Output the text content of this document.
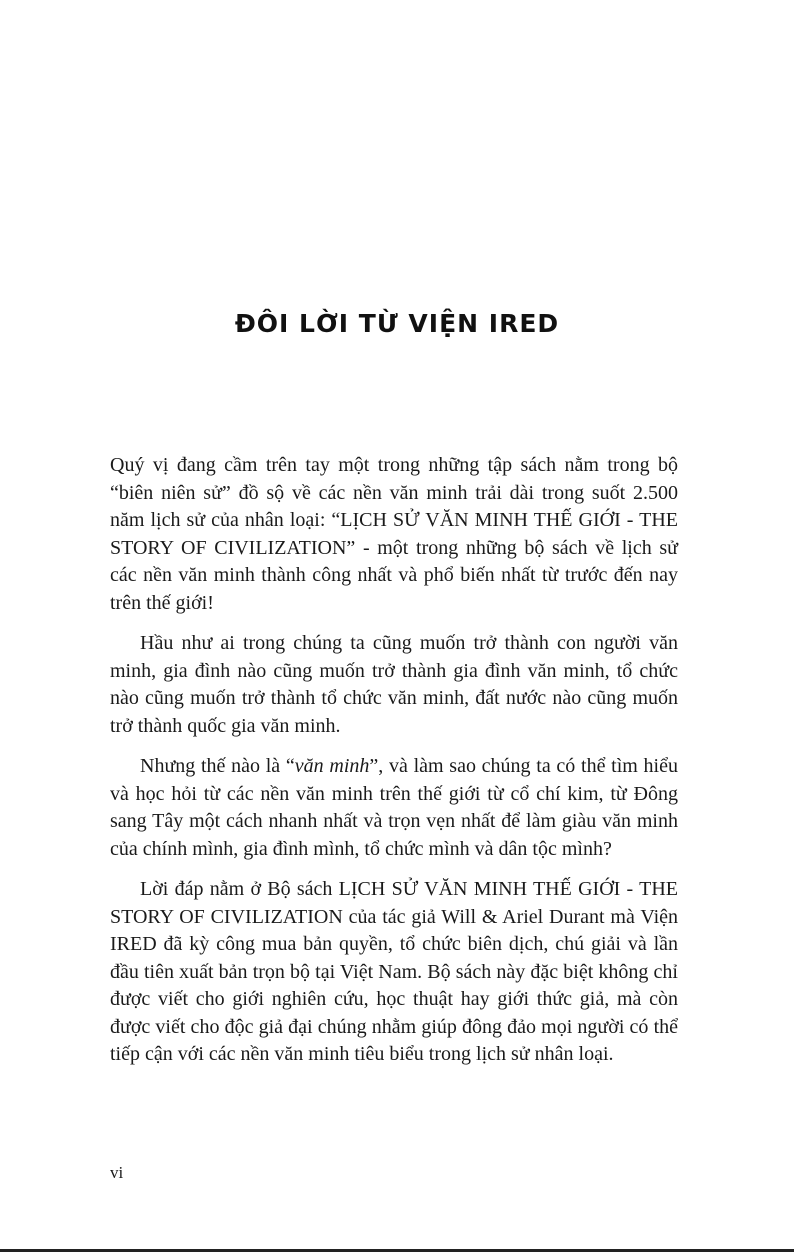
ĐÔI LỜI TỪ VIỆN IRED

Quý vị đang cầm trên tay một trong những tập sách nằm trong bộ “biên niên sử” đồ sộ về các nền văn minh trải dài trong suốt 2.500 năm lịch sử của nhân loại: “LỊCH SỬ VĂN MINH THẾ GIỚI - THE STORY OF CIVILIZATION” - một trong những bộ sách về lịch sử các nền văn minh thành công nhất và phổ biến nhất từ trước đến nay trên thế giới!

Hầu như ai trong chúng ta cũng muốn trở thành con người văn minh, gia đình nào cũng muốn trở thành gia đình văn minh, tổ chức nào cũng muốn trở thành tổ chức văn minh, đất nước nào cũng muốn trở thành quốc gia văn minh.

Nhưng thế nào là “văn minh”, và làm sao chúng ta có thể tìm hiểu và học hỏi từ các nền văn minh trên thế giới từ cổ chí kim, từ Đông sang Tây một cách nhanh nhất và trọn vẹn nhất để làm giàu văn minh của chính mình, gia đình mình, tổ chức mình và dân tộc mình?

Lời đáp nằm ở Bộ sách LỊCH SỬ VĂN MINH THẾ GIỚI - THE STORY OF CIVILIZATION của tác giả Will & Ariel Durant mà Viện IRED đã kỳ công mua bản quyền, tổ chức biên dịch, chú giải và lần đầu tiên xuất bản trọn bộ tại Việt Nam. Bộ sách này đặc biệt không chỉ được viết cho giới nghiên cứu, học thuật hay giới thức giả, mà còn được viết cho độc giả đại chúng nhằm giúp đông đảo mọi người có thể tiếp cận với các nền văn minh tiêu biểu trong lịch sử nhân loại.

vi
